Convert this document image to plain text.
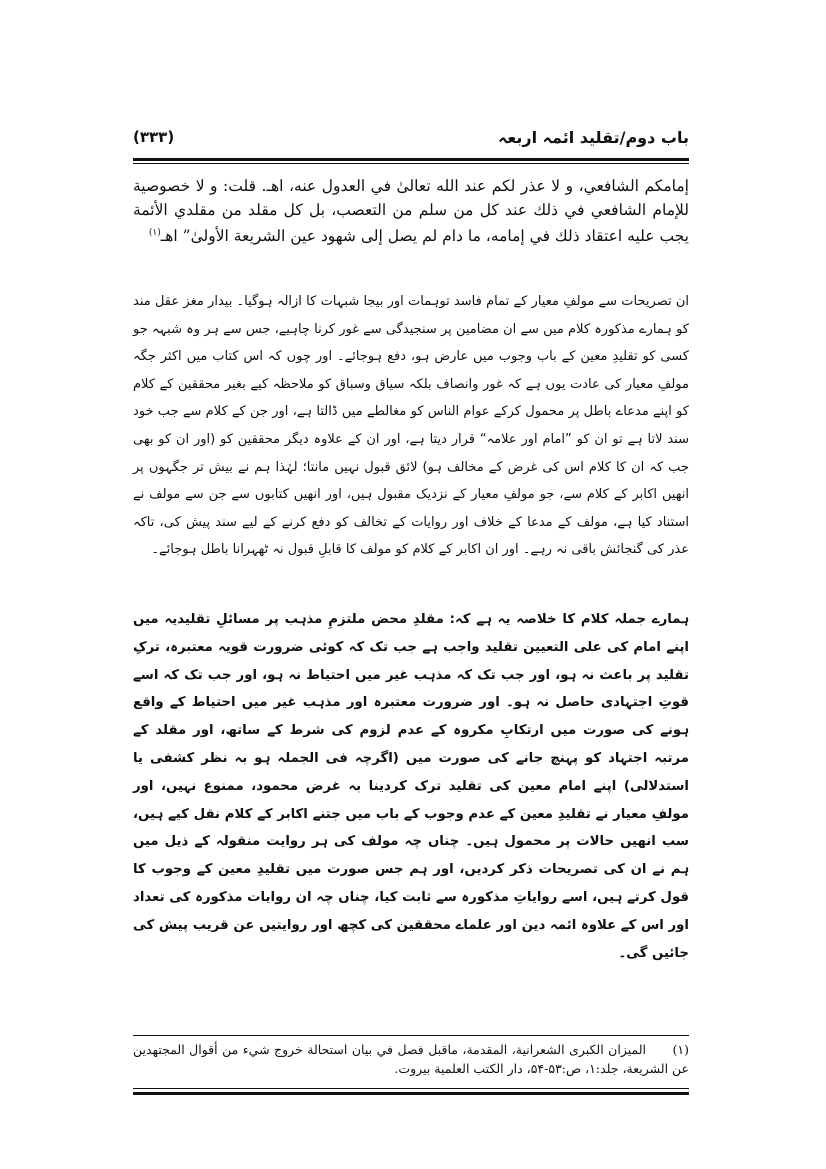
باب دوم/تقلید ائمہ اربعہ
(۳۳۳)
إمامكم الشافعي، و لا عذر لكم عند الله تعالىٰ في العدول عنه، اهـ. قلت: و لا خصوصية للإمام الشافعي في ذلك عند كل من سلم من التعصب، بل كل مقلد من مقلدي الأئمة يجب عليه اعتقاد ذلك في إمامه، ما دام لم يصل إلى شهود عين الشريعة الأولىٰ” اهـ$^{(۱)}$
ان تصریحات سے مولفِ معیار کے تمام فاسد توہمات اور بیجا شبہات کا ازالہ ہوگیا۔ بیدار مغز عقل مند کو ہمارے مذکورہ کلام میں سے ان مضامین پر سنجیدگی سے غور کرنا چاہیے، جس سے ہر وہ شبہہ جو کسی کو تقلیدِ معین کے باب وجوب میں عارض ہو، دفع ہوجائے۔ اور چوں کہ اس کتاب میں اکثر جگہ مولفِ معیار کی عادت یوں ہے کہ غور وانصاف بلکہ سیاق وسباق کو ملاحظہ کیے بغیر محققین کے کلام کو اپنے مدعاے باطل پر محمول کرکے عوام الناس کو مغالطے میں ڈالتا ہے، اور جن کے کلام سے جب خود سند لاتا ہے تو ان کو ”امام اور علامہ“ قرار دیتا ہے، اور ان کے علاوہ دیگر محققین کو (اور ان کو بھی جب کہ ان کا کلام اس کی غرض کے مخالف ہو) لائق قبول نہیں مانتا؛ لہٰذا ہم نے بیش تر جگہوں پر انھیں اکابر کے کلام سے، جو مولفِ معیار کے نزدیک مقبول ہیں، اور انھیں کتابوں سے جن سے مولف نے استناد کیا ہے، مولف کے مدعا کے خلاف اور روایات کے تخالف کو دفع کرنے کے لیے سند پیش کی، تاکہ عذر کی گنجائش باقی نہ رہے۔ اور ان اکابر کے کلام کو مولف کا قابلِ قبول نہ ٹھہرانا باطل ہوجائے۔
ہمارے جملہ کلام کا خلاصہ یہ ہے کہ: مقلدِ محض ملتزمِ مذہب پر مسائلِ تقلیدیہ میں اپنے امام کی علی التعیین تقلید واجب ہے جب تک کہ کوئی ضرورت قویہ معتبرہ، ترکِ تقلید پر باعث نہ ہو، اور جب تک کہ مذہب غیر میں احتیاط نہ ہو، اور جب تک کہ اسے قوتِ اجتہادی حاصل نہ ہو۔ اور ضرورت معتبرہ اور مذہب غیر میں احتیاط کے واقع ہونے کی صورت میں ارتکابِ مکروہ کے عدم لزوم کی شرط کے ساتھ، اور مقلد کے مرتبہ اجتہاد کو پہنچ جانے کی صورت میں (اگرچہ فی الجملہ ہو بہ نظر کشفی یا استدلالی) اپنے امام معین کی تقلید ترک کردینا بہ غرض محمود، ممنوع نہیں، اور مولفِ معیار نے تقلیدِ معین کے عدم وجوب کے باب میں جتنے اکابر کے کلام نقل کیے ہیں، سب انھیں حالات پر محمول ہیں۔ چناں چہ مولف کی ہر روایت منقولہ کے ذیل میں ہم نے ان کی تصریحات ذکر کردیں، اور ہم جس صورت میں تقلیدِ معین کے وجوب کا قول کرتے ہیں، اسے روایاتِ مذکورہ سے ثابت کیا، چناں چہ ان روایات مذکورہ کی تعداد اور اس کے علاوہ ائمہ دین اور علماے محققین کی کچھ اور روایتیں عن قریب پیش کی جائیں گی۔
(۱) الميزان الكبرى الشعرانية، المقدمة، ماقبل فصل في بيان استحالة خروج شيء من أقوال المجتهدين عن الشريعة، جلد:۱، ص:۵۳-۵۴، دار الكتب العلمية بيروت.
